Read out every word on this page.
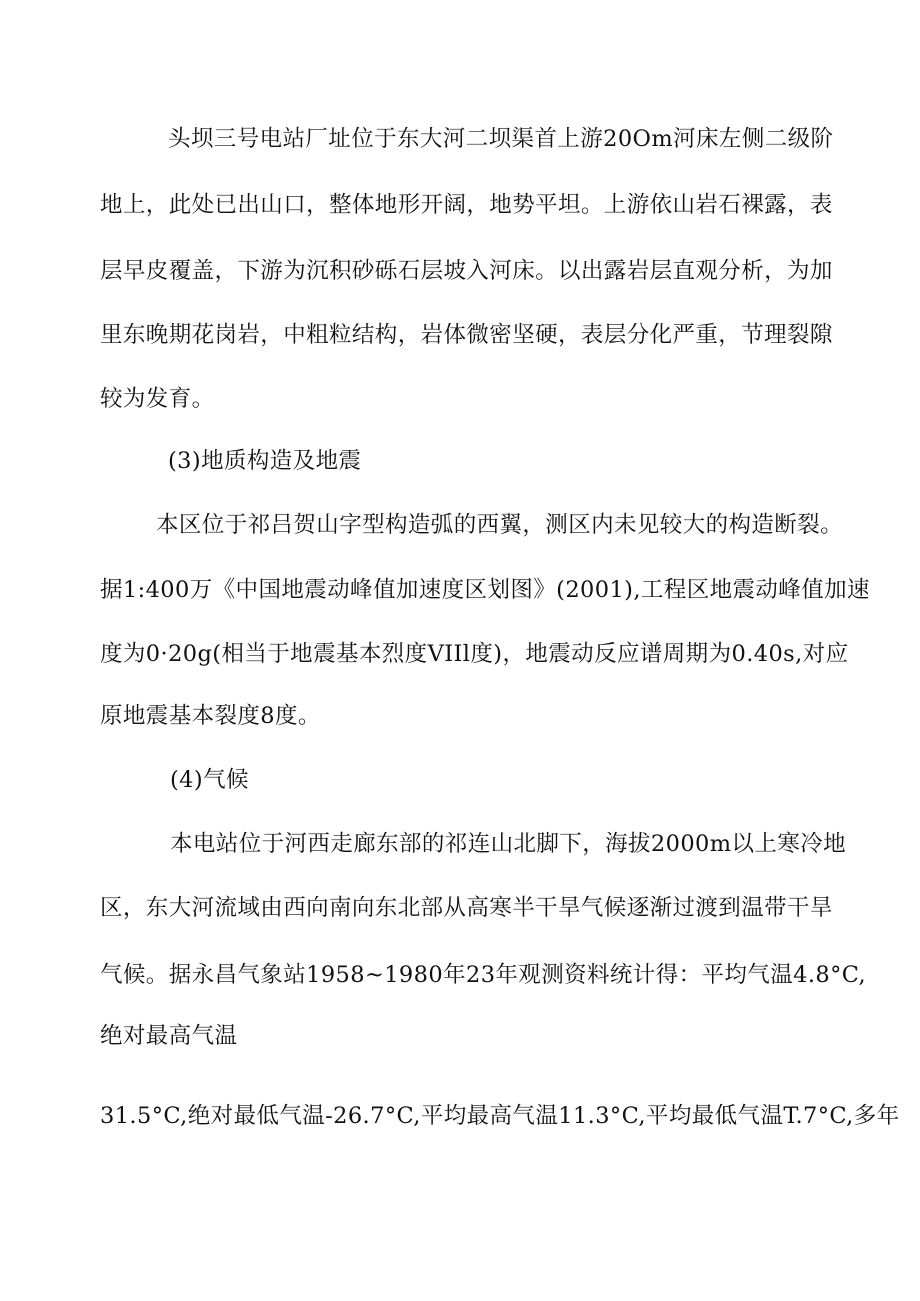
头坝三号电站厂址位于东大河二坝渠首上游20Om河床左侧二级阶
地上，此处已出山口，整体地形开阔，地势平坦。上游依山岩石裸露，表
层早皮覆盖，下游为沉积砂砾石层坡入河床。以出露岩层直观分析，为加
里东晚期花岗岩，中粗粒结构，岩体微密坚硬，表层分化严重，节理裂隙
较为发育。
(3)地质构造及地震
本区位于祁吕贺山字型构造弧的西翼，测区内未见较大的构造断裂。
据1:400万《中国地震动峰值加速度区划图》(2001),工程区地震动峰值加速
度为0·20g(相当于地震基本烈度VIIl度)，地震动反应谱周期为0.40s,对应
原地震基本裂度8度。
(4)气候
本电站位于河西走廊东部的祁连山北脚下，海拔2000m以上寒冷地
区，东大河流域由西向南向东北部从高寒半干旱气候逐渐过渡到温带干旱
气候。据永昌气象站1958~1980年23年观测资料统计得：平均气温4.8°C,
绝对最高气温
31.5°C,绝对最低气温-26.7°C,平均最高气温11.3°C,平均最低气温T.7°C,多年
